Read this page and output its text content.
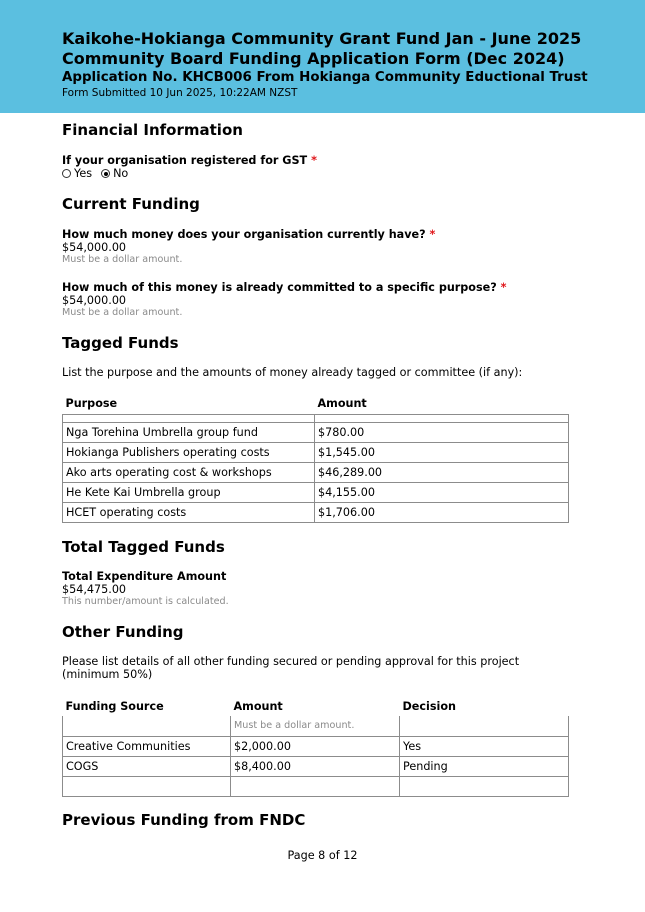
Kaikohe-Hokianga Community Grant Fund Jan - June 2025
Community Board Funding Application Form (Dec 2024)
Application No. KHCB006 From Hokianga Community Eductional Trust
Form Submitted 10 Jun 2025, 10:22AM NZST
Financial Information
If your organisation registered for GST *
Yes No
Current Funding
How much money does your organisation currently have? *
$54,000.00
Must be a dollar amount.
How much of this money is already committed to a specific purpose? *
$54,000.00
Must be a dollar amount.
Tagged Funds
List the purpose and the amounts of money already tagged or committee (if any):
Purpose	Amount

Nga Torehina Umbrella group fund	$780.00
Hokianga Publishers operating costs	$1,545.00
Ako arts operating cost & workshops	$46,289.00
He Kete Kai Umbrella group	$4,155.00
HCET operating costs	$1,706.00
Total Tagged Funds
Total Expenditure Amount
$54,475.00
This number/amount is calculated.
Other Funding
Please list details of all other funding secured or pending approval for this project (minimum 50%)
Funding Source	Amount	Decision
	Must be a dollar amount.	
Creative Communities	$2,000.00	Yes
COGS	$8,400.00	Pending

Previous Funding from FNDC
Page 8 of 12
